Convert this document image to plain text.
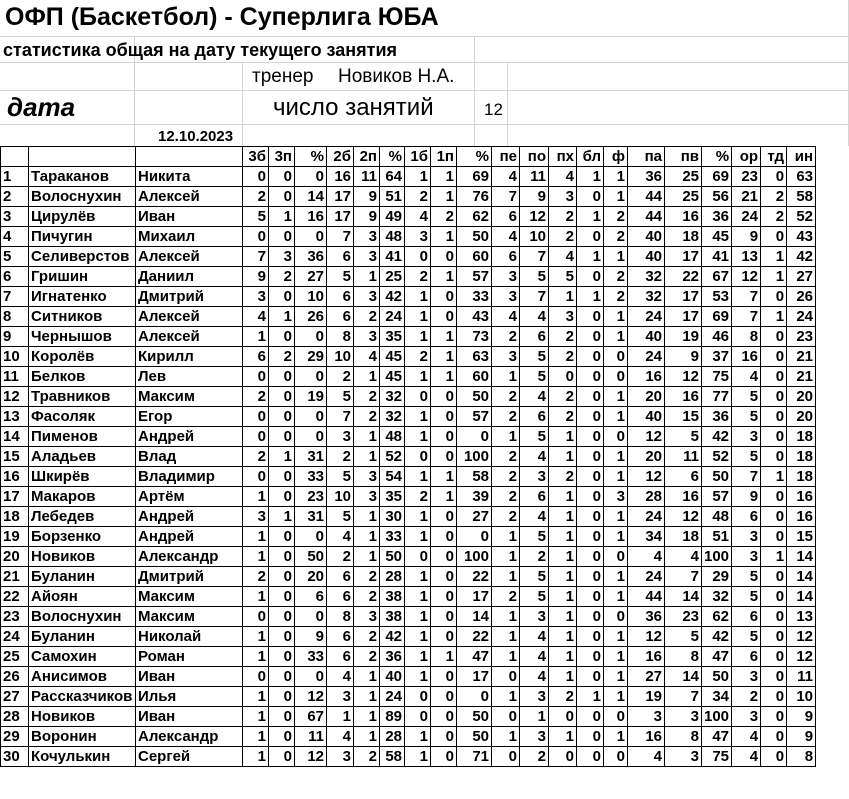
ОФП (Баскетбол) - Суперлига ЮБА
статистика общая на дату текущего занятия
тренер Новиков Н.А.
дата	число занятий	12
12.10.2023
			3б	3п	%	2б	2п	%	1б	1п	%	пе	по	пх	бл	ф	па	пв	%	ор	тд	ин
1	Тараканов	Никита	0	0	0	16	11	64	1	1	69	4	11	4	1	1	36	25	69	23	0	63
2	Волоснухин	Алексей	2	0	14	17	9	51	2	1	76	7	9	3	0	1	44	25	56	21	2	58
3	Цирулёв	Иван	5	1	16	17	9	49	4	2	62	6	12	2	1	2	44	16	36	24	2	52
4	Пичугин	Михаил	0	0	0	7	3	48	3	1	50	4	10	2	0	2	40	18	45	9	0	43
5	Селиверстов	Алексей	7	3	36	6	3	41	0	0	60	6	7	4	1	1	40	17	41	13	1	42
6	Гришин	Даниил	9	2	27	5	1	25	2	1	57	3	5	5	0	2	32	22	67	12	1	27
7	Игнатенко	Дмитрий	3	0	10	6	3	42	1	0	33	3	7	1	1	2	32	17	53	7	0	26
8	Ситников	Алексей	4	1	26	6	2	24	1	0	43	4	4	3	0	1	24	17	69	7	1	24
9	Чернышов	Алексей	1	0	0	8	3	35	1	1	73	2	6	2	0	1	40	19	46	8	0	23
10	Королёв	Кирилл	6	2	29	10	4	45	2	1	63	3	5	2	0	0	24	9	37	16	0	21
11	Белков	Лев	0	0	0	2	1	45	1	1	60	1	5	0	0	0	16	12	75	4	0	21
12	Травников	Максим	2	0	19	5	2	32	0	0	50	2	4	2	0	1	20	16	77	5	0	20
13	Фасоляк	Егор	0	0	0	7	2	32	1	0	57	2	6	2	0	1	40	15	36	5	0	20
14	Пименов	Андрей	0	0	0	3	1	48	1	0	0	1	5	1	0	0	12	5	42	3	0	18
15	Аладьев	Влад	2	1	31	2	1	52	0	0	100	2	4	1	0	1	20	11	52	5	0	18
16	Шкирёв	Владимир	0	0	33	5	3	54	1	1	58	2	3	2	0	1	12	6	50	7	1	18
17	Макаров	Артём	1	0	23	10	3	35	2	1	39	2	6	1	0	3	28	16	57	9	0	16
18	Лебедев	Андрей	3	1	31	5	1	30	1	0	27	2	4	1	0	1	24	12	48	6	0	16
19	Борзенко	Андрей	1	0	0	4	1	33	1	0	0	1	5	1	0	1	34	18	51	3	0	15
20	Новиков	Александр	1	0	50	2	1	50	0	0	100	1	2	1	0	0	4	4	100	3	1	14
21	Буланин	Дмитрий	2	0	20	6	2	28	1	0	22	1	5	1	0	1	24	7	29	5	0	14
22	Айоян	Максим	1	0	6	6	2	38	1	0	17	2	5	1	0	1	44	14	32	5	0	14
23	Волоснухин	Максим	0	0	0	8	3	38	1	0	14	1	3	1	0	0	36	23	62	6	0	13
24	Буланин	Николай	1	0	9	6	2	42	1	0	22	1	4	1	0	1	12	5	42	5	0	12
25	Самохин	Роман	1	0	33	6	2	36	1	1	47	1	4	1	0	1	16	8	47	6	0	12
26	Анисимов	Иван	0	0	0	4	1	40	1	0	17	0	4	1	0	1	27	14	50	3	0	11
27	Рассказчиков	Илья	1	0	12	3	1	24	0	0	0	1	3	2	1	1	19	7	34	2	0	10
28	Новиков	Иван	1	0	67	1	1	89	0	0	50	0	1	0	0	0	3	3	100	3	0	9
29	Воронин	Александр	1	0	11	4	1	28	1	0	50	1	3	1	0	1	16	8	47	4	0	9
30	Кочулькин	Сергей	1	0	12	3	2	58	1	0	71	0	2	0	0	0	4	3	75	4	0	8
